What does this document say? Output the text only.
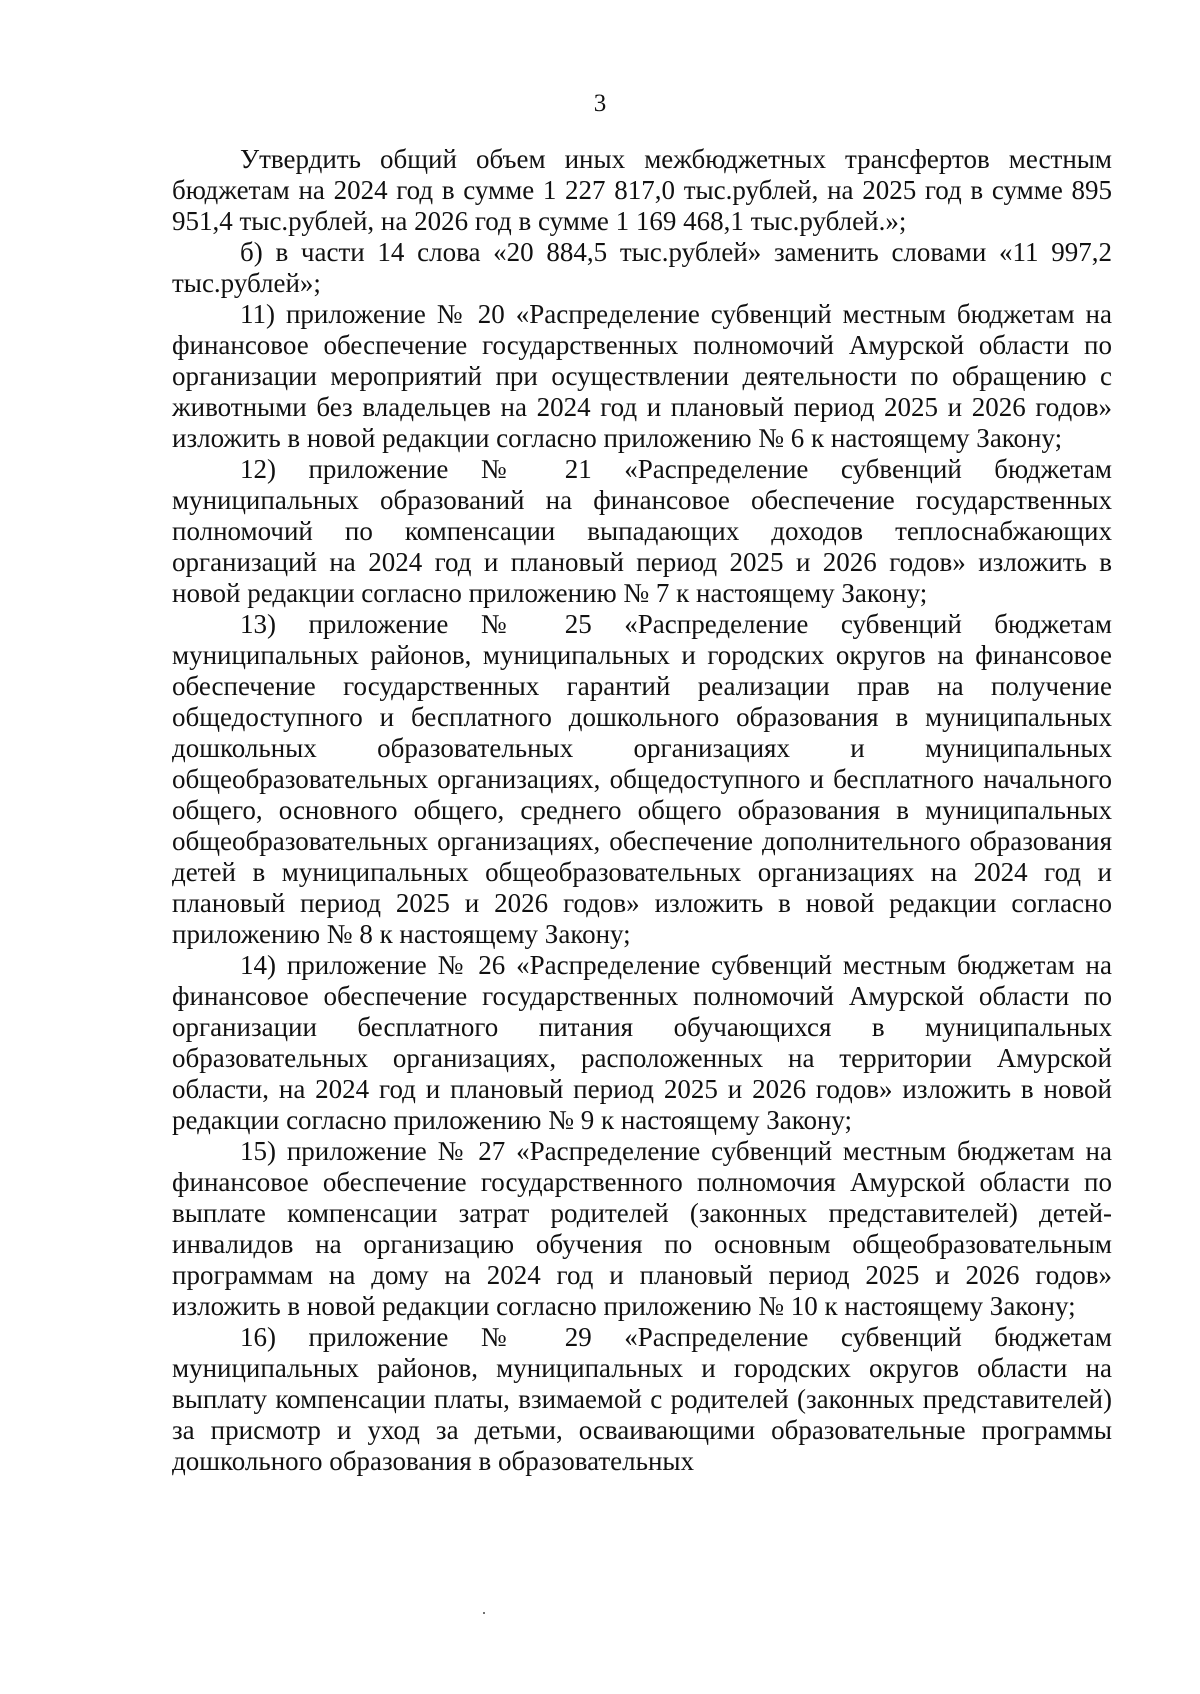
3

Утвердить общий объем иных межбюджетных трансфертов местным бюджетам на 2024 год в сумме 1 227 817,0 тыс.рублей, на 2025 год в сумме 895 951,4 тыс.рублей, на 2026 год в сумме 1 169 468,1 тыс.рублей.»;

б) в части 14 слова «20 884,5 тыс.рублей» заменить словами «11 997,2 тыс.рублей»;

11) приложение № 20 «Распределение субвенций местным бюджетам на финансовое обеспечение государственных полномочий Амурской области по организации мероприятий при осуществлении деятельности по обращению с животными без владельцев на 2024 год и плановый период 2025 и 2026 годов» изложить в новой редакции согласно приложению № 6 к настоящему Закону;

12) приложение № 21 «Распределение субвенций бюджетам муниципальных образований на финансовое обеспечение государственных полномочий по компенсации выпадающих доходов теплоснабжающих организаций на 2024 год и плановый период 2025 и 2026 годов» изложить в новой редакции согласно приложению № 7 к настоящему Закону;

13) приложение № 25 «Распределение субвенций бюджетам муниципальных районов, муниципальных и городских округов на финансовое обеспечение государственных гарантий реализации прав на получение общедоступного и бесплатного дошкольного образования в муниципальных дошкольных образовательных организациях и муниципальных общеобразовательных организациях, общедоступного и бесплатного начального общего, основного общего, среднего общего образования в муниципальных общеобразовательных организациях, обеспечение дополнительного образования детей в муниципальных общеобразовательных организациях на 2024 год и плановый период 2025 и 2026 годов» изложить в новой редакции согласно приложению № 8 к настоящему Закону;

14) приложение № 26 «Распределение субвенций местным бюджетам на финансовое обеспечение государственных полномочий Амурской области по организации бесплатного питания обучающихся в муниципальных образовательных организациях, расположенных на территории Амурской области, на 2024 год и плановый период 2025 и 2026 годов» изложить в новой редакции согласно приложению № 9 к настоящему Закону;

15) приложение № 27 «Распределение субвенций местным бюджетам на финансовое обеспечение государственного полномочия Амурской области по выплате компенсации затрат родителей (законных представителей) детей-инвалидов на организацию обучения по основным общеобразовательным программам на дому на 2024 год и плановый период 2025 и 2026 годов» изложить в новой редакции согласно приложению № 10 к настоящему Закону;

16) приложение № 29 «Распределение субвенций бюджетам муниципальных районов, муниципальных и городских округов области на выплату компенсации платы, взимаемой с родителей (законных представителей) за присмотр и уход за детьми, осваивающими образовательные программы дошкольного образования в образовательных
